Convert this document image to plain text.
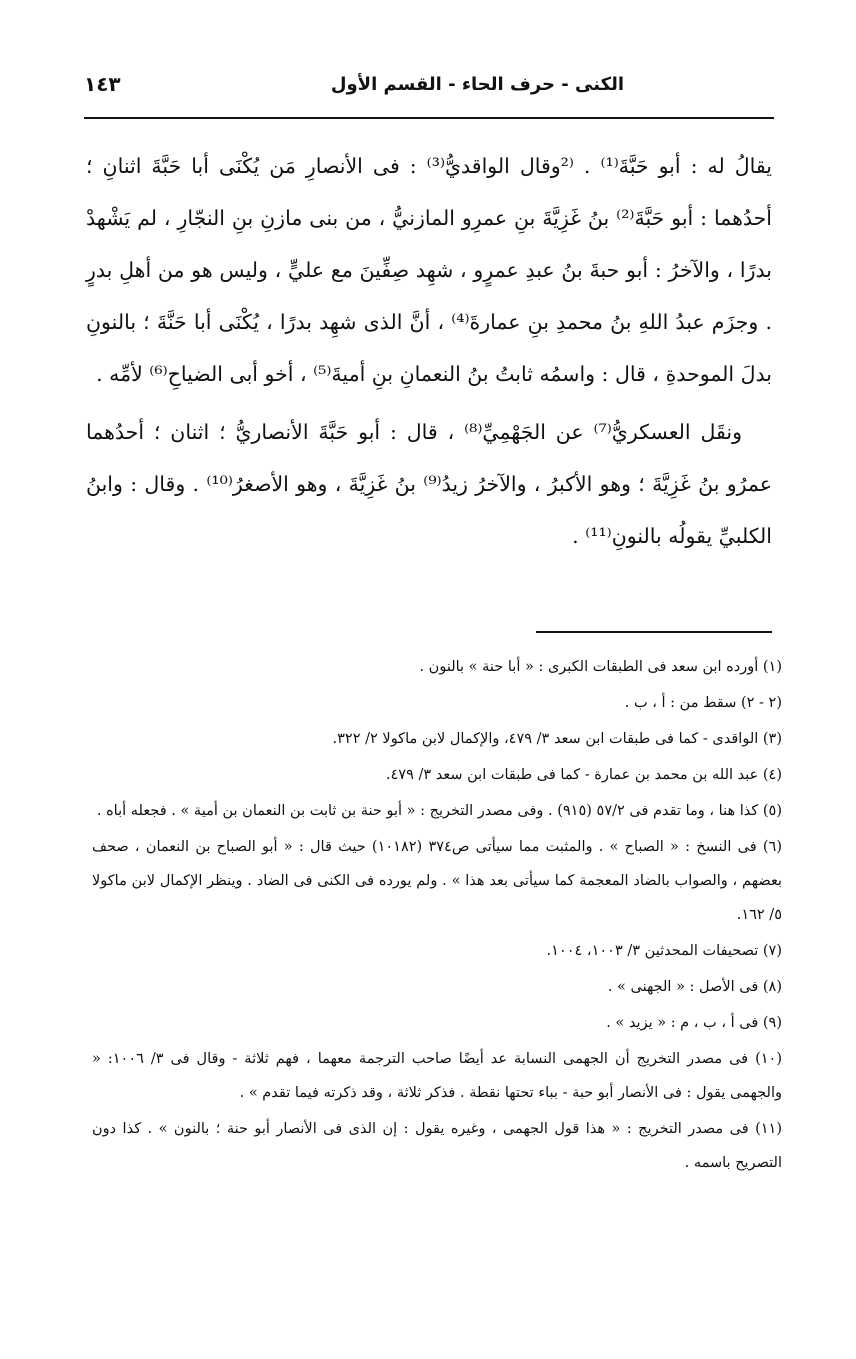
الكنى - حرف الحاء - القسم الأول
١٤٣

يقالُ له : أبو حَبَّةَ⁽¹⁾ . ⁽²وقال الواقديُّ⁽³⁾ : فى الأنصارِ مَن يُكْنَى أبا حَبَّةَ اثنانِ ؛ أحدُهما : أبو حَبَّةَ⁽²⁾ بنُ غَزِيَّةَ بنِ عمرِو المازنيُّ ، من بنى مازنِ بنِ النجّارِ ، لم يَشْهدْ بدرًا ، والآخرُ : أبو حبةَ بنُ عبدِ عمرٍو ، شهِد صِفِّينَ مع عليٍّ ، وليس هو من أهلِ بدرٍ . وجزَم عبدُ اللهِ بنُ محمدِ بنِ عمارةَ⁽⁴⁾ ، أنَّ الذى شهِد بدرًا ، يُكْنَى أبا حَنَّةَ ؛ بالنونِ بدلَ الموحدةِ ، قال : واسمُه ثابتُ بنُ النعمانِ بنِ أميةَ⁽⁵⁾ ، أخو أبى الضياحِ⁽⁶⁾ لأمِّه .

ونقَل العسكريُّ⁽⁷⁾ عن الجَهْمِيِّ⁽⁸⁾ ، قال : أبو حَبَّةَ الأنصاريُّ ؛ اثنان ؛ أحدُهما عمرُو بنُ غَزِيَّةَ ؛ وهو الأكبرُ ، والآخرُ زيدُ⁽⁹⁾ بنُ غَزِيَّةَ ، وهو الأصغرُ⁽¹⁰⁾ . وقال : وابنُ الكلبيِّ يقولُه بالنونِ⁽¹¹⁾ .

(١) أورده ابن سعد فى الطبقات الكبرى : « أبا حنة » بالنون .

(٢ - ٢) سقط من : أ ، ب .

(٣) الواقدى - كما فى طبقات ابن سعد ٣/ ٤٧٩، والإكمال لابن ماكولا ٢/ ٣٢٢.

(٤) عبد الله بن محمد بن عمارة - كما فى طبقات ابن سعد ٣/ ٤٧٩.

(٥) كذا هنا ، وما تقدم فى ٥٧/٢ (٩١٥) . وفى مصدر التخريج : « أبو حنة بن ثابت بن النعمان بن أمية » . فجعله أباه .

(٦) فى النسخ : « الصباح » . والمثبت مما سيأتى ص٣٧٤ (١٠١٨٢) حيث قال : « أبو الصباح بن النعمان ، صحف بعضهم ، والصواب بالضاد المعجمة كما سيأتى بعد هذا » . ولم يورده فى الكنى فى الضاد . وينظر الإكمال لابن ماكولا ٥/ ١٦٢.

(٧) تصحيفات المحدثين ٣/ ١٠٠٣، ١٠٠٤.

(٨) فى الأصل : « الجهنى » .

(٩) فى أ ، ب ، م : « يزيد » .

(١٠) فى مصدر التخريج أن الجهمى النسابة عد أيضًا صاحب الترجمة معهما ، فهم ثلاثة - وقال فى ٣/ ١٠٠٦: « والجهمى يقول : فى الأنصار أبو حبة - بباء تحتها نقطة . فذكر ثلاثة ، وقد ذكرته فيما تقدم » .

(١١) فى مصدر التخريج : « هذا قول الجهمى ، وغيره يقول : إن الذى فى الأنصار أبو حنة ؛ بالنون » . كذا دون التصريح باسمه .
